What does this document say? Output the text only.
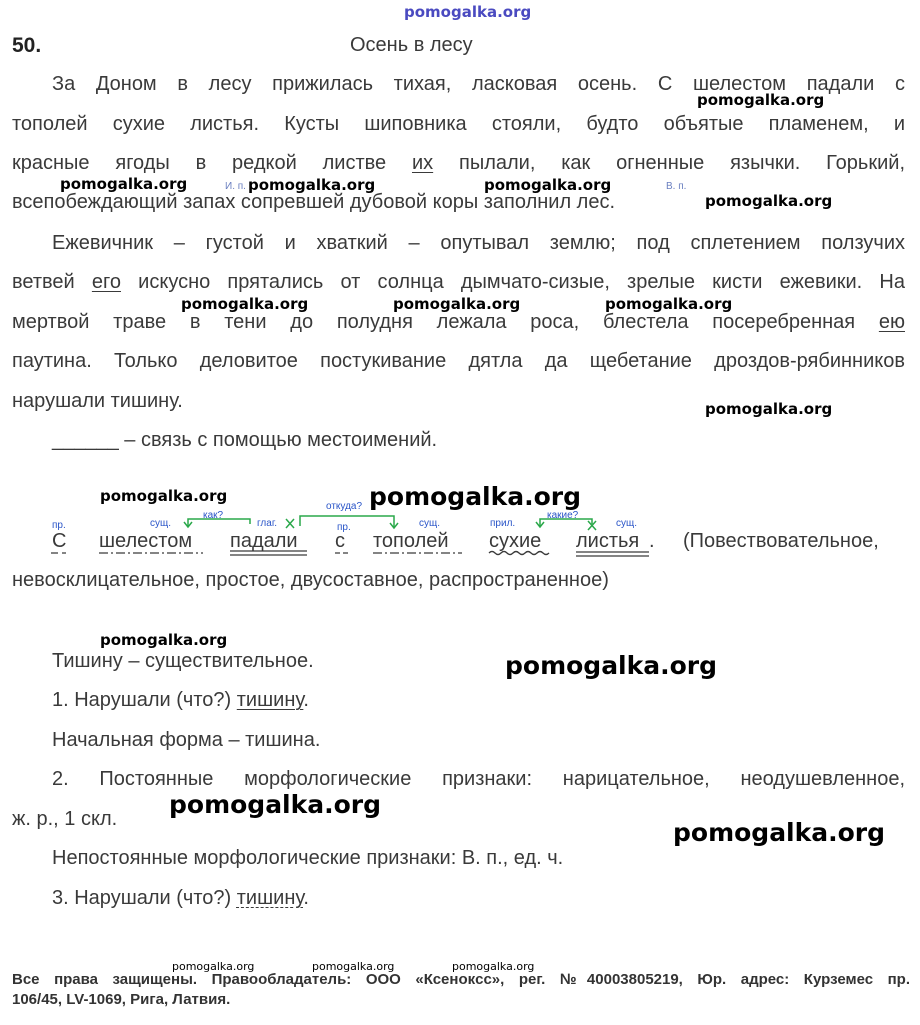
pomogalka.org
50.	Осень в лесу
За Доном в лесу прижилась тихая, ласковая осень. С шелестом падали с
тополей сухие листья. Кусты шиповника стояли, будто объятые пламенем, и
красные ягоды в редкой листве их пылали, как огненные язычки. Горький,
всепобеждающий запах сопревшей дубовой коры заполнил лес.
Ежевичник – густой и хваткий – опутывал землю; под сплетением ползучих
ветвей его искусно прятались от солнца дымчато-сизые, зрелые кисти ежевики. На
мертвой траве в тени до полудня лежала роса, блестела посеребренная ею
паутина. Только деловитое постукивание дятла да щебетание дроздов-рябинников
нарушали тишину.
______ – связь с помощью местоимений.
И. п.	В. п.
пр.	сущ.
как?
глаг.
откуда?
пр.	сущ.	прил.
какие?
сущ.
С шелестом падали с тополей сухие листья . (Повествовательное,
невосклицательное, простое, двусоставное, распространенное)
Тишину – существительное.
1. Нарушали (что?) тишину.
Начальная форма – тишина.
2. Постоянные морфологические признаки: нарицательное, неодушевленное,
ж. р., 1 скл.
Непостоянные морфологические признаки: В. п., ед. ч.
3. Нарушали (что?) тишину.
Все права защищены. Правообладатель: ООО «Ксенокcс», рег. №40003805219, Юр. адрес: Курземес пр.
106/45, LV-1069, Рига, Латвия.
pomogalka.org
pomogalka.org	pomogalka.org	pomogalka.org
pomogalka.org
pomogalka.org	pomogalka.org	pomogalka.org
pomogalka.org
pomogalka.org	pomogalka.org
pomogalka.org
pomogalka.org
pomogalka.org
pomogalka.org
pomogalka.org	pomogalka.org	pomogalka.org
